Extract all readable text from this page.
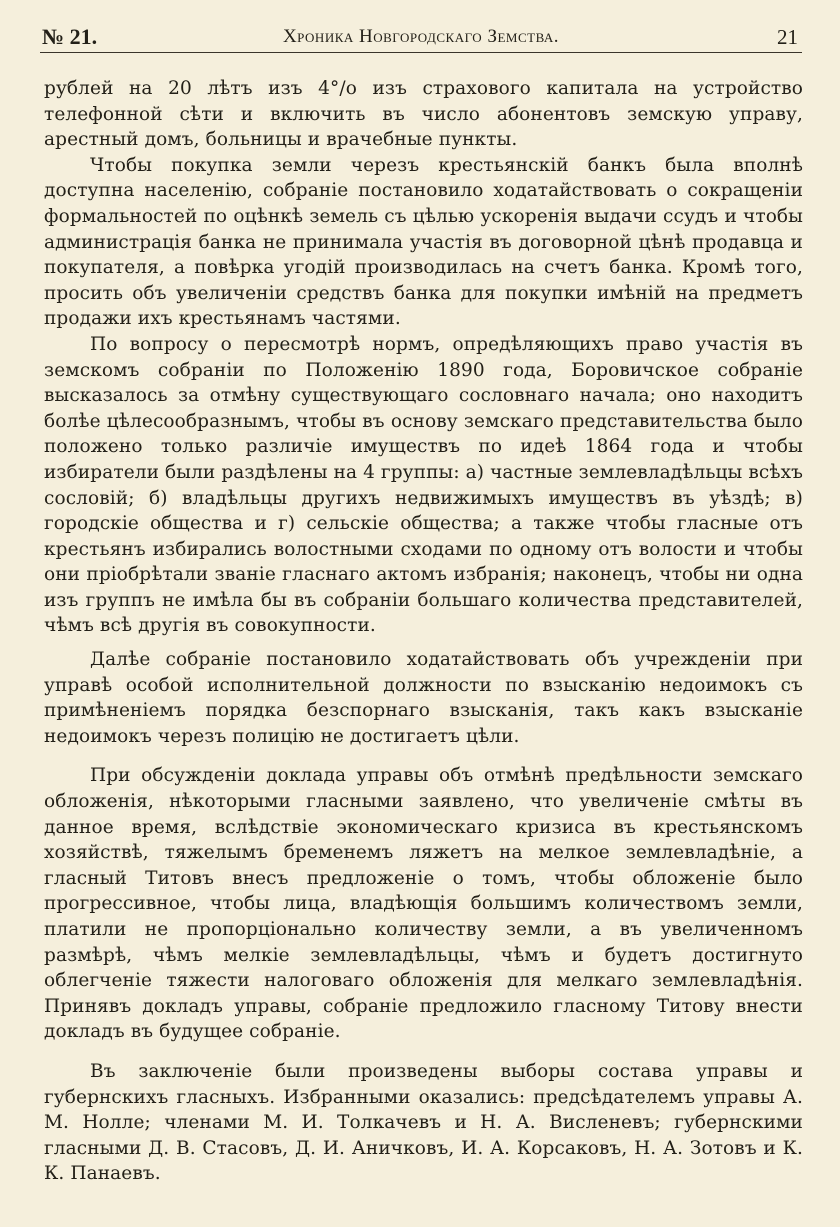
№ 21.	Хроника Новгородскаго Земства.	21

рублей на 20 лѣтъ изъ 4°/o изъ страхового капитала на устройство телефонной сѣти и включить въ число абонентовъ земскую управу, арестный домъ, больницы и врачебные пункты.

Чтобы покупка земли черезъ крестьянскій банкъ была вполнѣ доступна населенію, собраніе постановило ходатайствовать о сокращеніи формальностей по оцѣнкѣ земель съ цѣлью ускоренія выдачи ссудъ и чтобы администрація банка не принимала участія въ договорной цѣнѣ продавца и покупателя, а повѣрка угодій производилась на счетъ банка. Кромѣ того, просить объ увеличеніи средствъ банка для покупки имѣній на предметъ продажи ихъ крестьянамъ частями.

По вопросу о пересмотрѣ нормъ, опредѣляющихъ право участія въ земскомъ собраніи по Положенію 1890 года, Боровичское собраніе высказалось за отмѣну существующаго сословнаго начала; оно находитъ болѣе цѣлесообразнымъ, чтобы въ основу земскаго представительства было положено только различіе имуществъ по идеѣ 1864 года и чтобы избиратели были раздѣлены на 4 группы: а) частные землевладѣльцы всѣхъ сословій; б) владѣльцы другихъ недвижимыхъ имуществъ въ уѣздѣ; в) городскіе общества и г) сельскіе общества; а также чтобы гласные отъ крестьянъ избирались волостными сходами по одному отъ волости и чтобы они пріобрѣтали званіе гласнаго актомъ избранія; наконецъ, чтобы ни одна изъ группъ не имѣла бы въ собраніи большаго количества представителей, чѣмъ всѣ другія въ совокупности.

Далѣе собраніе постановило ходатайствовать объ учрежденіи при управѣ особой исполнительной должности по взысканію недоимокъ съ примѣненіемъ порядка безспорнаго взысканія, такъ какъ взысканіе недоимокъ черезъ полицію не достигаетъ цѣли.

При обсужденіи доклада управы объ отмѣнѣ предѣльности земскаго обложенія, нѣкоторыми гласными заявлено, что увеличеніе смѣты въ данное время, вслѣдствіе экономическаго кризиса въ крестьянскомъ хозяйствѣ, тяжелымъ бременемъ ляжетъ на мелкое землевладѣніе, а гласный Титовъ внесъ предложеніе о томъ, чтобы обложеніе было прогрессивное, чтобы лица, владѣющія большимъ количествомъ земли, платили не пропорціонально количеству земли, а въ увеличенномъ размѣрѣ, чѣмъ мелкіе землевладѣльцы, чѣмъ и будетъ достигнуто облегченіе тяжести налоговаго обложенія для мелкаго землевладѣнія. Принявъ докладъ управы, собраніе предложило гласному Титову внести докладъ въ будущее собраніе.

Въ заключеніе были произведены выборы состава управы и губернскихъ гласныхъ. Избранными оказались: предсѣдателемъ управы А. М. Нолле; членами М. И. Толкачевъ и Н. А. Висленевъ; губернскими гласными Д. В. Стасовъ, Д. И. Аничковъ, И. А. Корсаковъ, Н. А. Зотовъ и К. К. Панаевъ.
